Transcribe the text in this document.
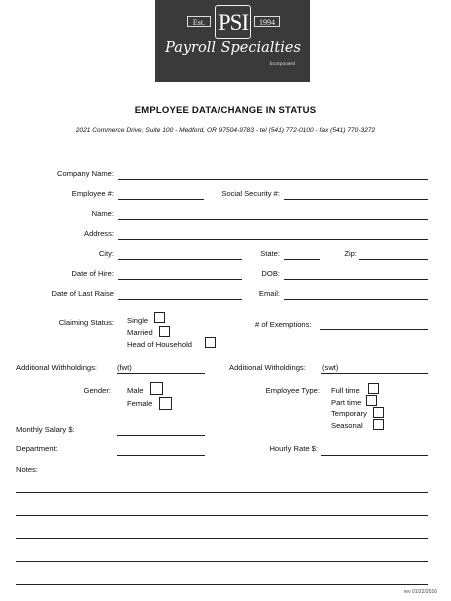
Est. PSI	1994
Payroll Specialties
Incorporated
EMPLOYEE DATA/CHANGE IN STATUS
2021 Commerce Drive, Suite 100 - Medford, OR 97504-9783 - tel (541) 772-0100 - fax (541) 770-3272
Company Name:
Employee #:	Social Security #:
Name:
Address:
City:	State:	Zip:
Date of Hire:	DOB:
Date of Last Raise	Email:
Claiming Status: Single
Married
Head of Household
# of Exemptions:
Additional Withholdings:	(fwt)	Additional Witholdings: (swt)
Gender: Male
Female
Employee Type: Full time
Part time
Temporary
Seasonal
Monthly Salary $:
Department:	Hourly Rate $:
Notes:
rev 01/22/2016
